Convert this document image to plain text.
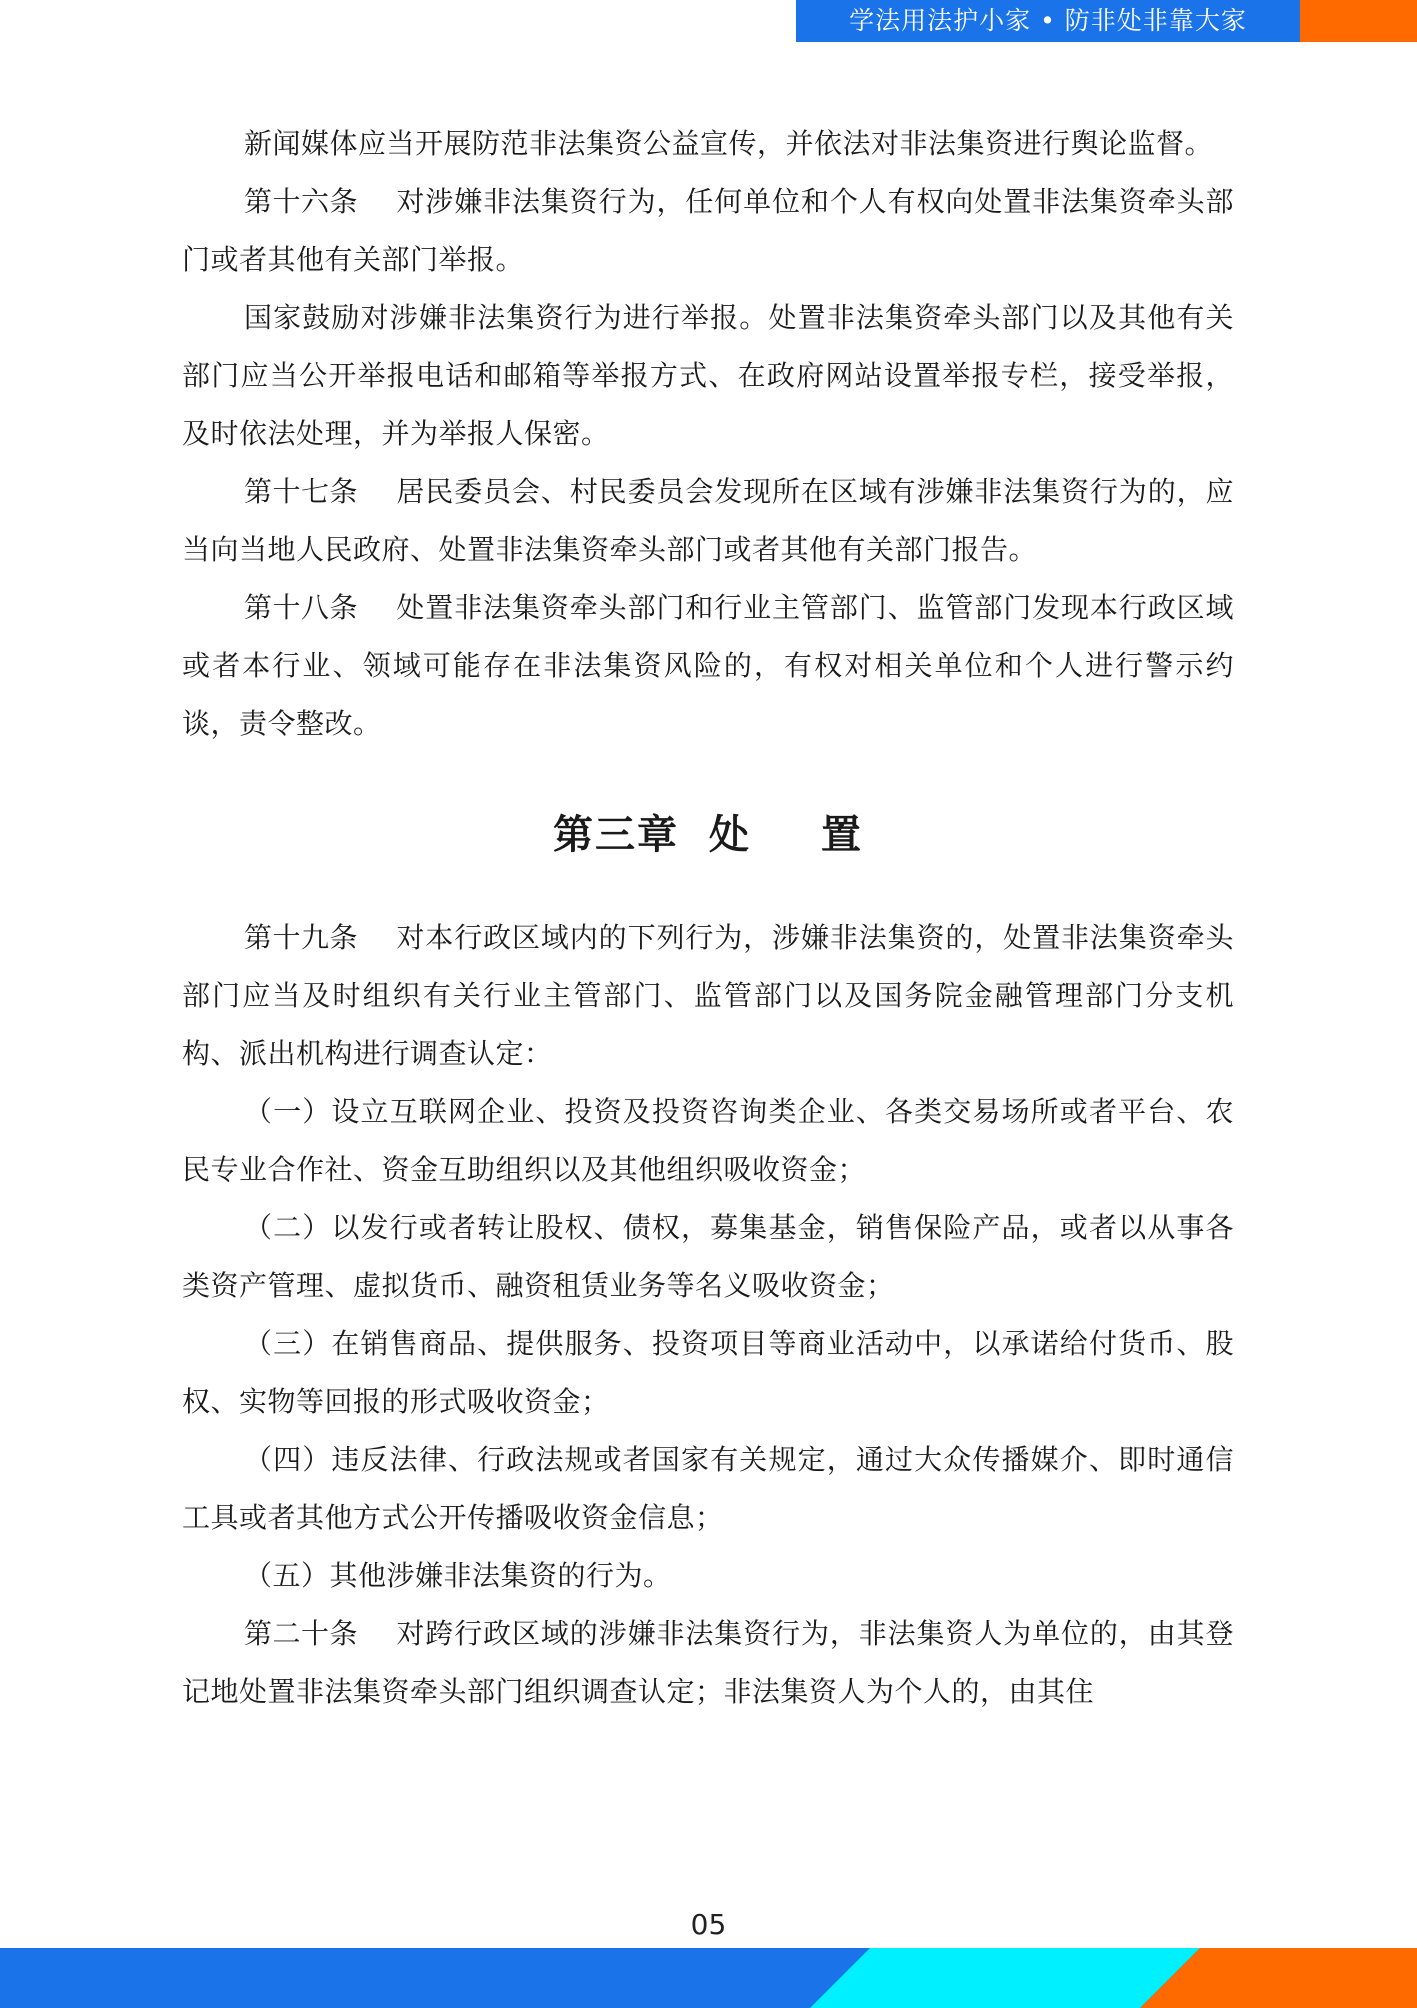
学法用法护小家 • 防非处非靠大家

新闻媒体应当开展防范非法集资公益宣传，并依法对非法集资进行舆论监督。

第十六条 对涉嫌非法集资行为，任何单位和个人有权向处置非法集资牵头部门或者其他有关部门举报。

国家鼓励对涉嫌非法集资行为进行举报。处置非法集资牵头部门以及其他有关部门应当公开举报电话和邮箱等举报方式、在政府网站设置举报专栏，接受举报，及时依法处理，并为举报人保密。

第十七条 居民委员会、村民委员会发现所在区域有涉嫌非法集资行为的，应当向当地人民政府、处置非法集资牵头部门或者其他有关部门报告。

第十八条 处置非法集资牵头部门和行业主管部门、监管部门发现本行政区域或者本行业、领域可能存在非法集资风险的，有权对相关单位和个人进行警示约谈，责令整改。

第三章 处 置

第十九条 对本行政区域内的下列行为，涉嫌非法集资的，处置非法集资牵头部门应当及时组织有关行业主管部门、监管部门以及国务院金融管理部门分支机构、派出机构进行调查认定：

（一）设立互联网企业、投资及投资咨询类企业、各类交易场所或者平台、农民专业合作社、资金互助组织以及其他组织吸收资金；

（二）以发行或者转让股权、债权，募集基金，销售保险产品，或者以从事各类资产管理、虚拟货币、融资租赁业务等名义吸收资金；

（三）在销售商品、提供服务、投资项目等商业活动中，以承诺给付货币、股权、实物等回报的形式吸收资金；

（四）违反法律、行政法规或者国家有关规定，通过大众传播媒介、即时通信工具或者其他方式公开传播吸收资金信息；

（五）其他涉嫌非法集资的行为。

第二十条 对跨行政区域的涉嫌非法集资行为，非法集资人为单位的，由其登记地处置非法集资牵头部门组织调查认定；非法集资人为个人的，由其住

05
